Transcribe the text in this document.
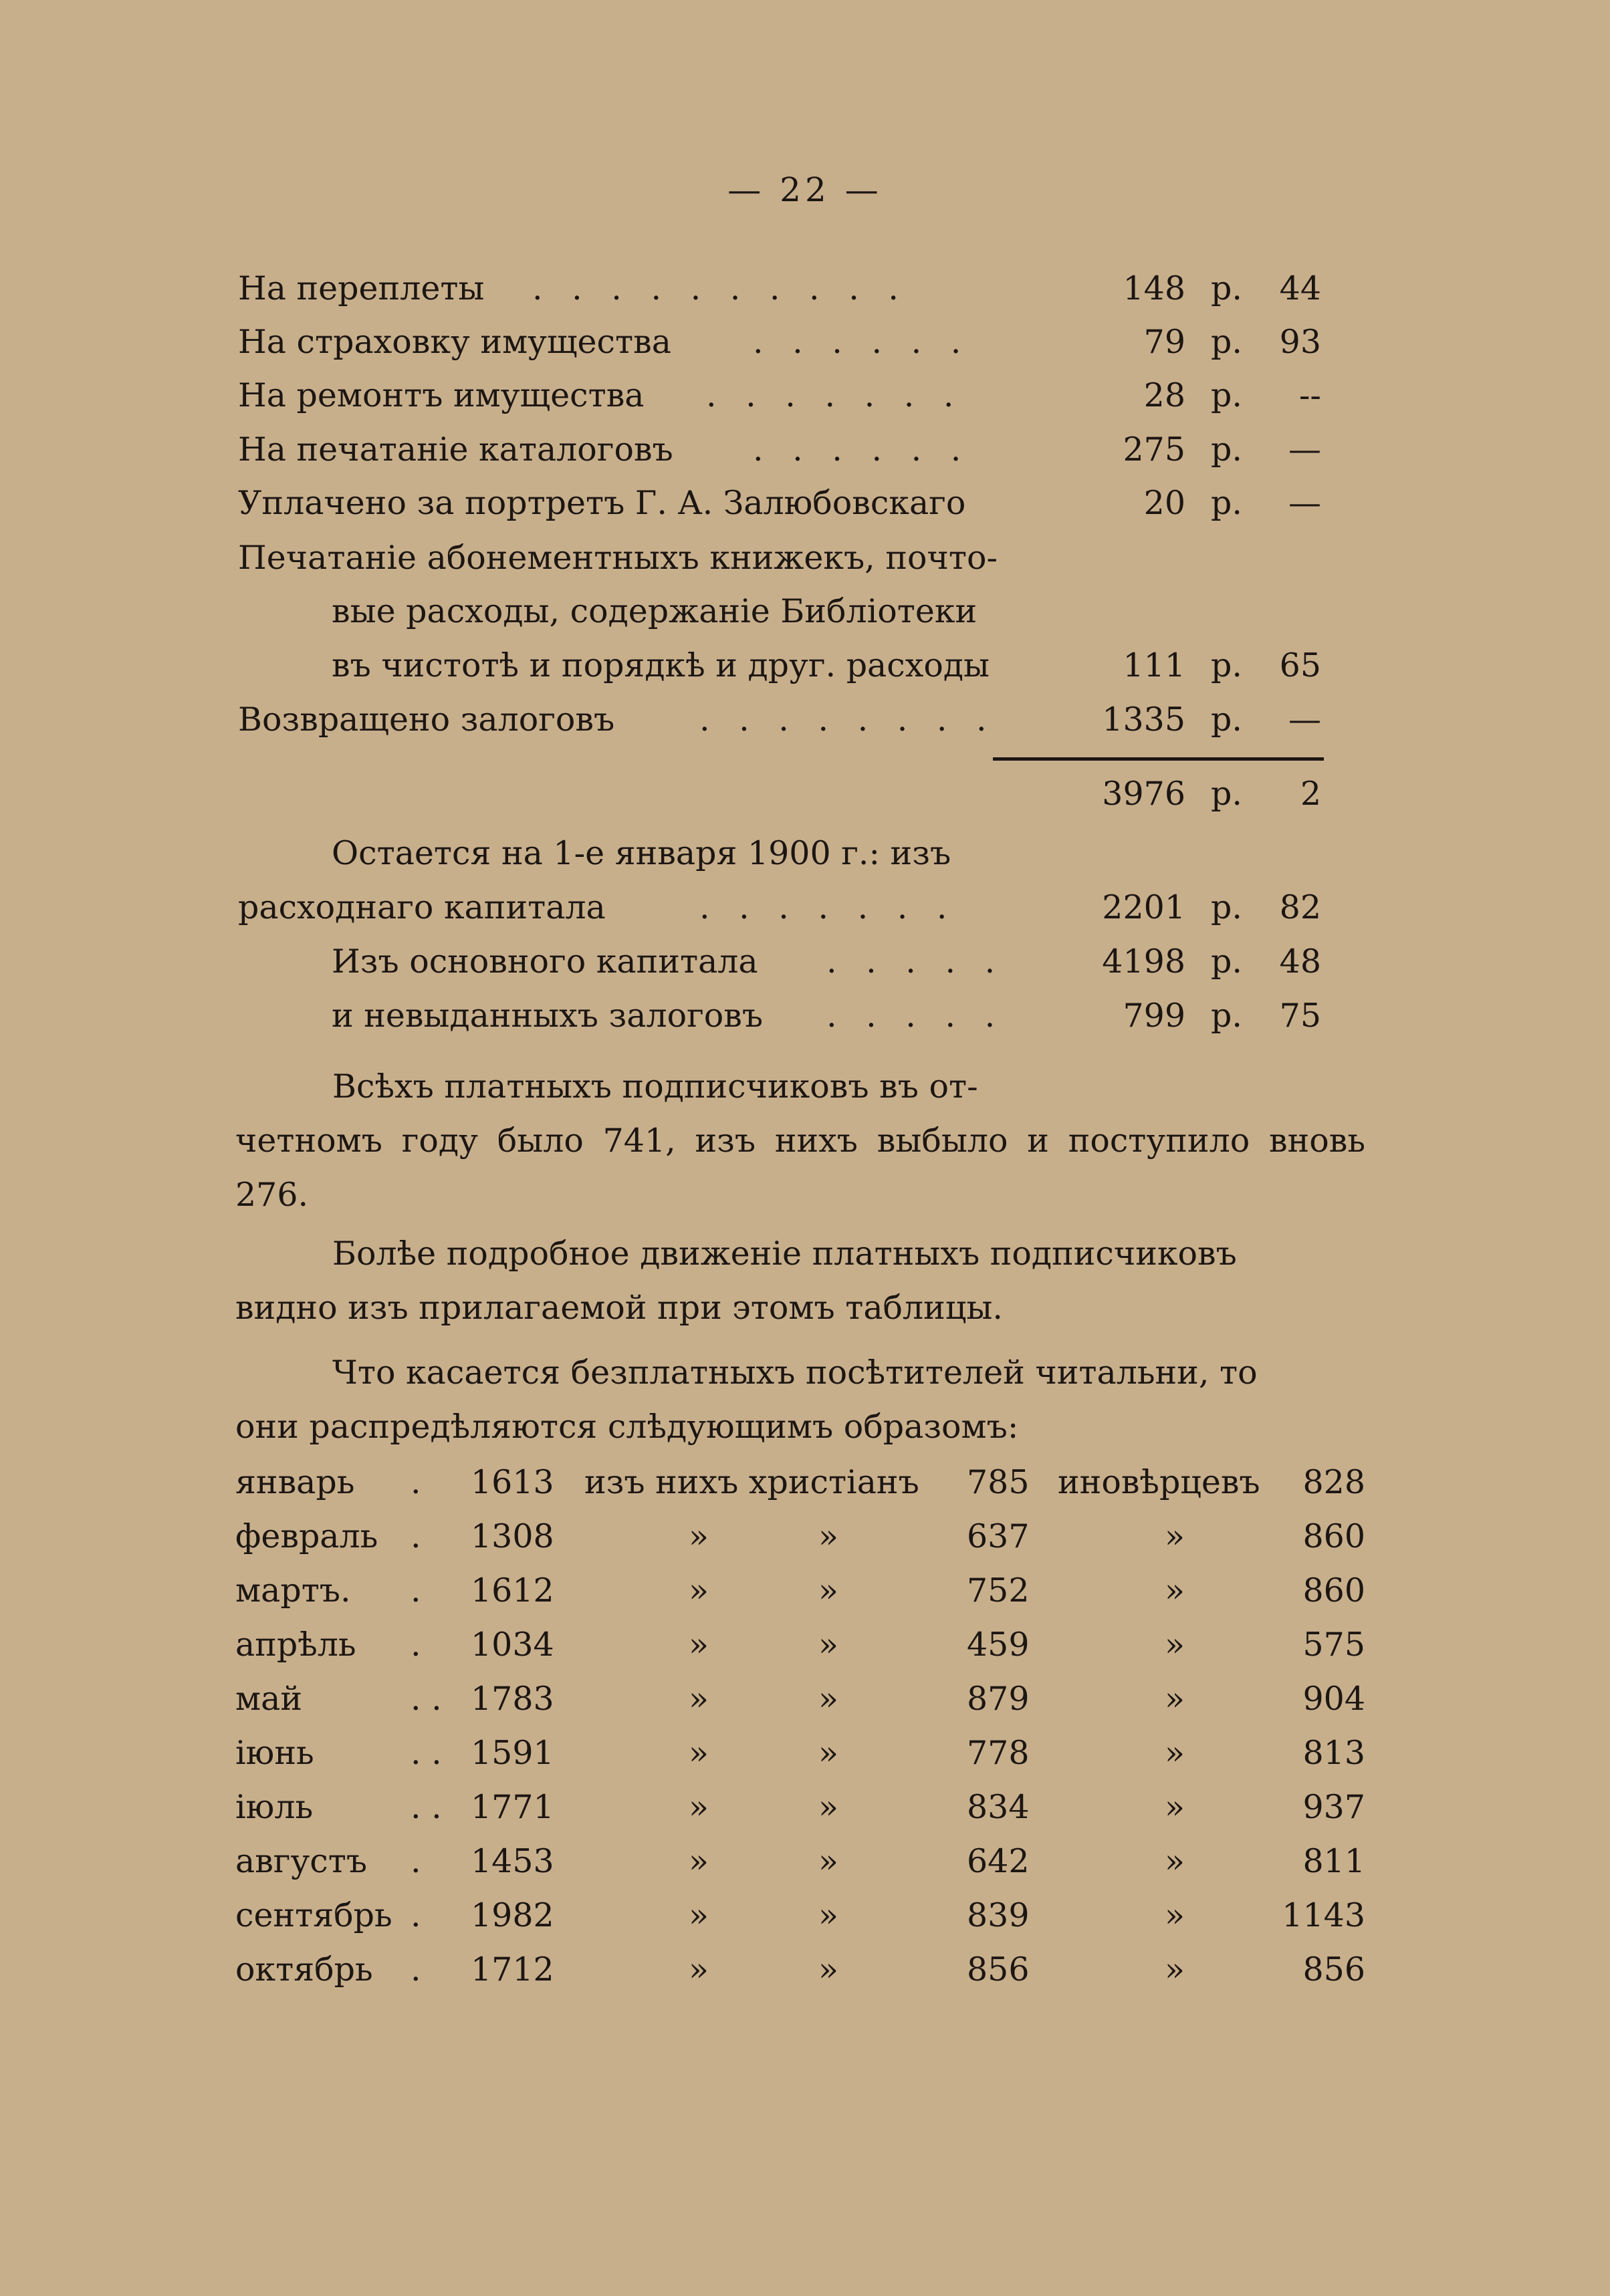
— 22 —
На переплеты . . . . . . . . . .	148 р. 44
На страховку имущества . . . . . .	79 р. 93
На ремонтъ имущества . . . . . . .	28 р. --
На печатаніе каталоговъ . . . . . .	275 р. —
Уплачено за портретъ Г. А. Залюбовскаго	20 р. —
Печатаніе абонементныхъ книжекъ, почто-
вые расходы, содержаніе Библіотеки
въ чистотѣ и порядкѣ и друг. расходы	111 р. 65
Возвращено залоговъ	. . . . . . . .	1335 р. —
3976 р. 2
Остается на 1-е января 1900 г.: изъ
расходнаго капитала	. . . . . . .	2201 р. 82
Изъ основного капитала . . . . .	4198 р. 48
и невыданныхъ залоговъ . . . . .	799 р. 75
Всѣхъ платныхъ подписчиковъ въ от-
четномъ году было 741, изъ нихъ выбыло и поступило вновь 276.
Болѣе подробное движеніе платныхъ подписчиковъ
видно изъ прилагаемой при этомъ таблицы.
Что касается безплатныхъ посѣтителей читальни, то
они распредѣляются слѣдующимъ образомъ:
январь . 1613 изъ нихъ христіанъ 785 иновѣрцевъ 828
февраль . 1308	»	»	637	»	860
мартъ. . 1612	»	»	752	»	860
апрѣль . 1034	»	»	459	»	575
май	. . 1783	»	»	879	»	904
іюнь	. . 1591	»	»	778	»	813
іюль	. . 1771	»	»	834	»	937
августъ . 1453	»	»	642	»	811
сентябрь . 1982	»	»	839	»	1143
октябрь . 1712	»	»	856	»	856
